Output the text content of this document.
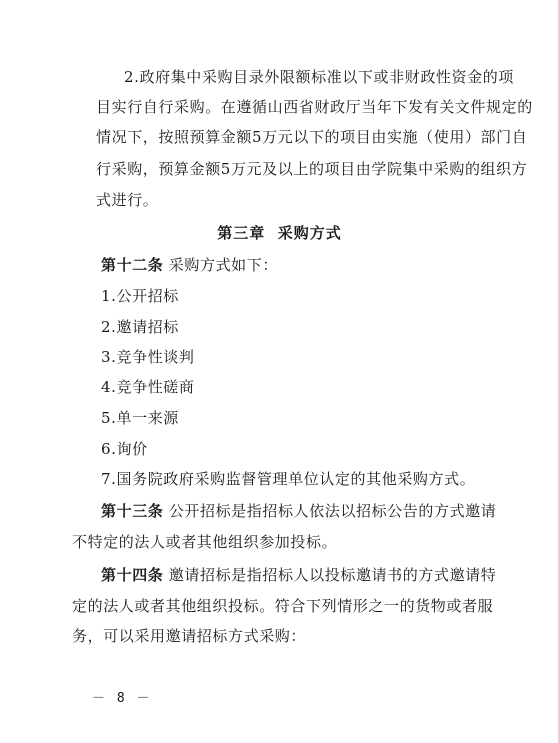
2.政府集中采购目录外限额标准以下或非财政性资金的项
目实行自行采购。在遵循山西省财政厅当年下发有关文件规定的
情况下，按照预算金额5万元以下的项目由实施（使用）部门自
行采购，预算金额5万元及以上的项目由学院集中采购的组织方
式进行。
第三章  采购方式
第十二条 采购方式如下：
1.公开招标
2.邀请招标
3.竞争性谈判
4.竞争性磋商
5.单一来源
6.询价
7.国务院政府采购监督管理单位认定的其他采购方式。
第十三条 公开招标是指招标人依法以招标公告的方式邀请
不特定的法人或者其他组织参加投标。
第十四条 邀请招标是指招标人以投标邀请书的方式邀请特
定的法人或者其他组织投标。符合下列情形之一的货物或者服
务，可以采用邀请招标方式采购：
－ 8 －
